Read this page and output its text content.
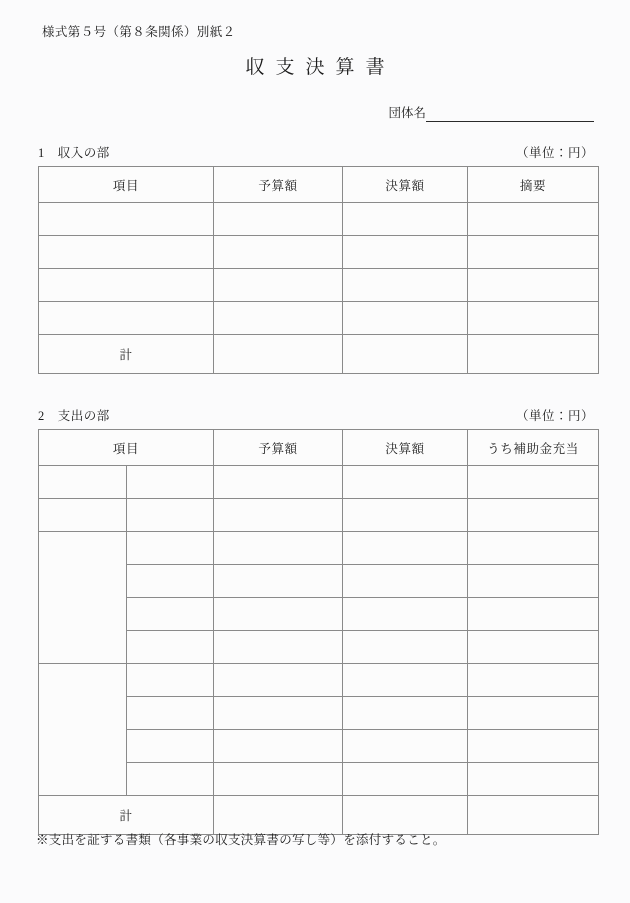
様式第５号（第８条関係）別紙２
収支決算書
団体名
1 収入の部	（単位：円）
項目	予算額	決算額	摘要

計			
2 支出の部	（単位：円）
項目		予算額	決算額	うち補助金充当

計				
※支出を証する書類（各事業の収支決算書の写し等）を添付すること。
